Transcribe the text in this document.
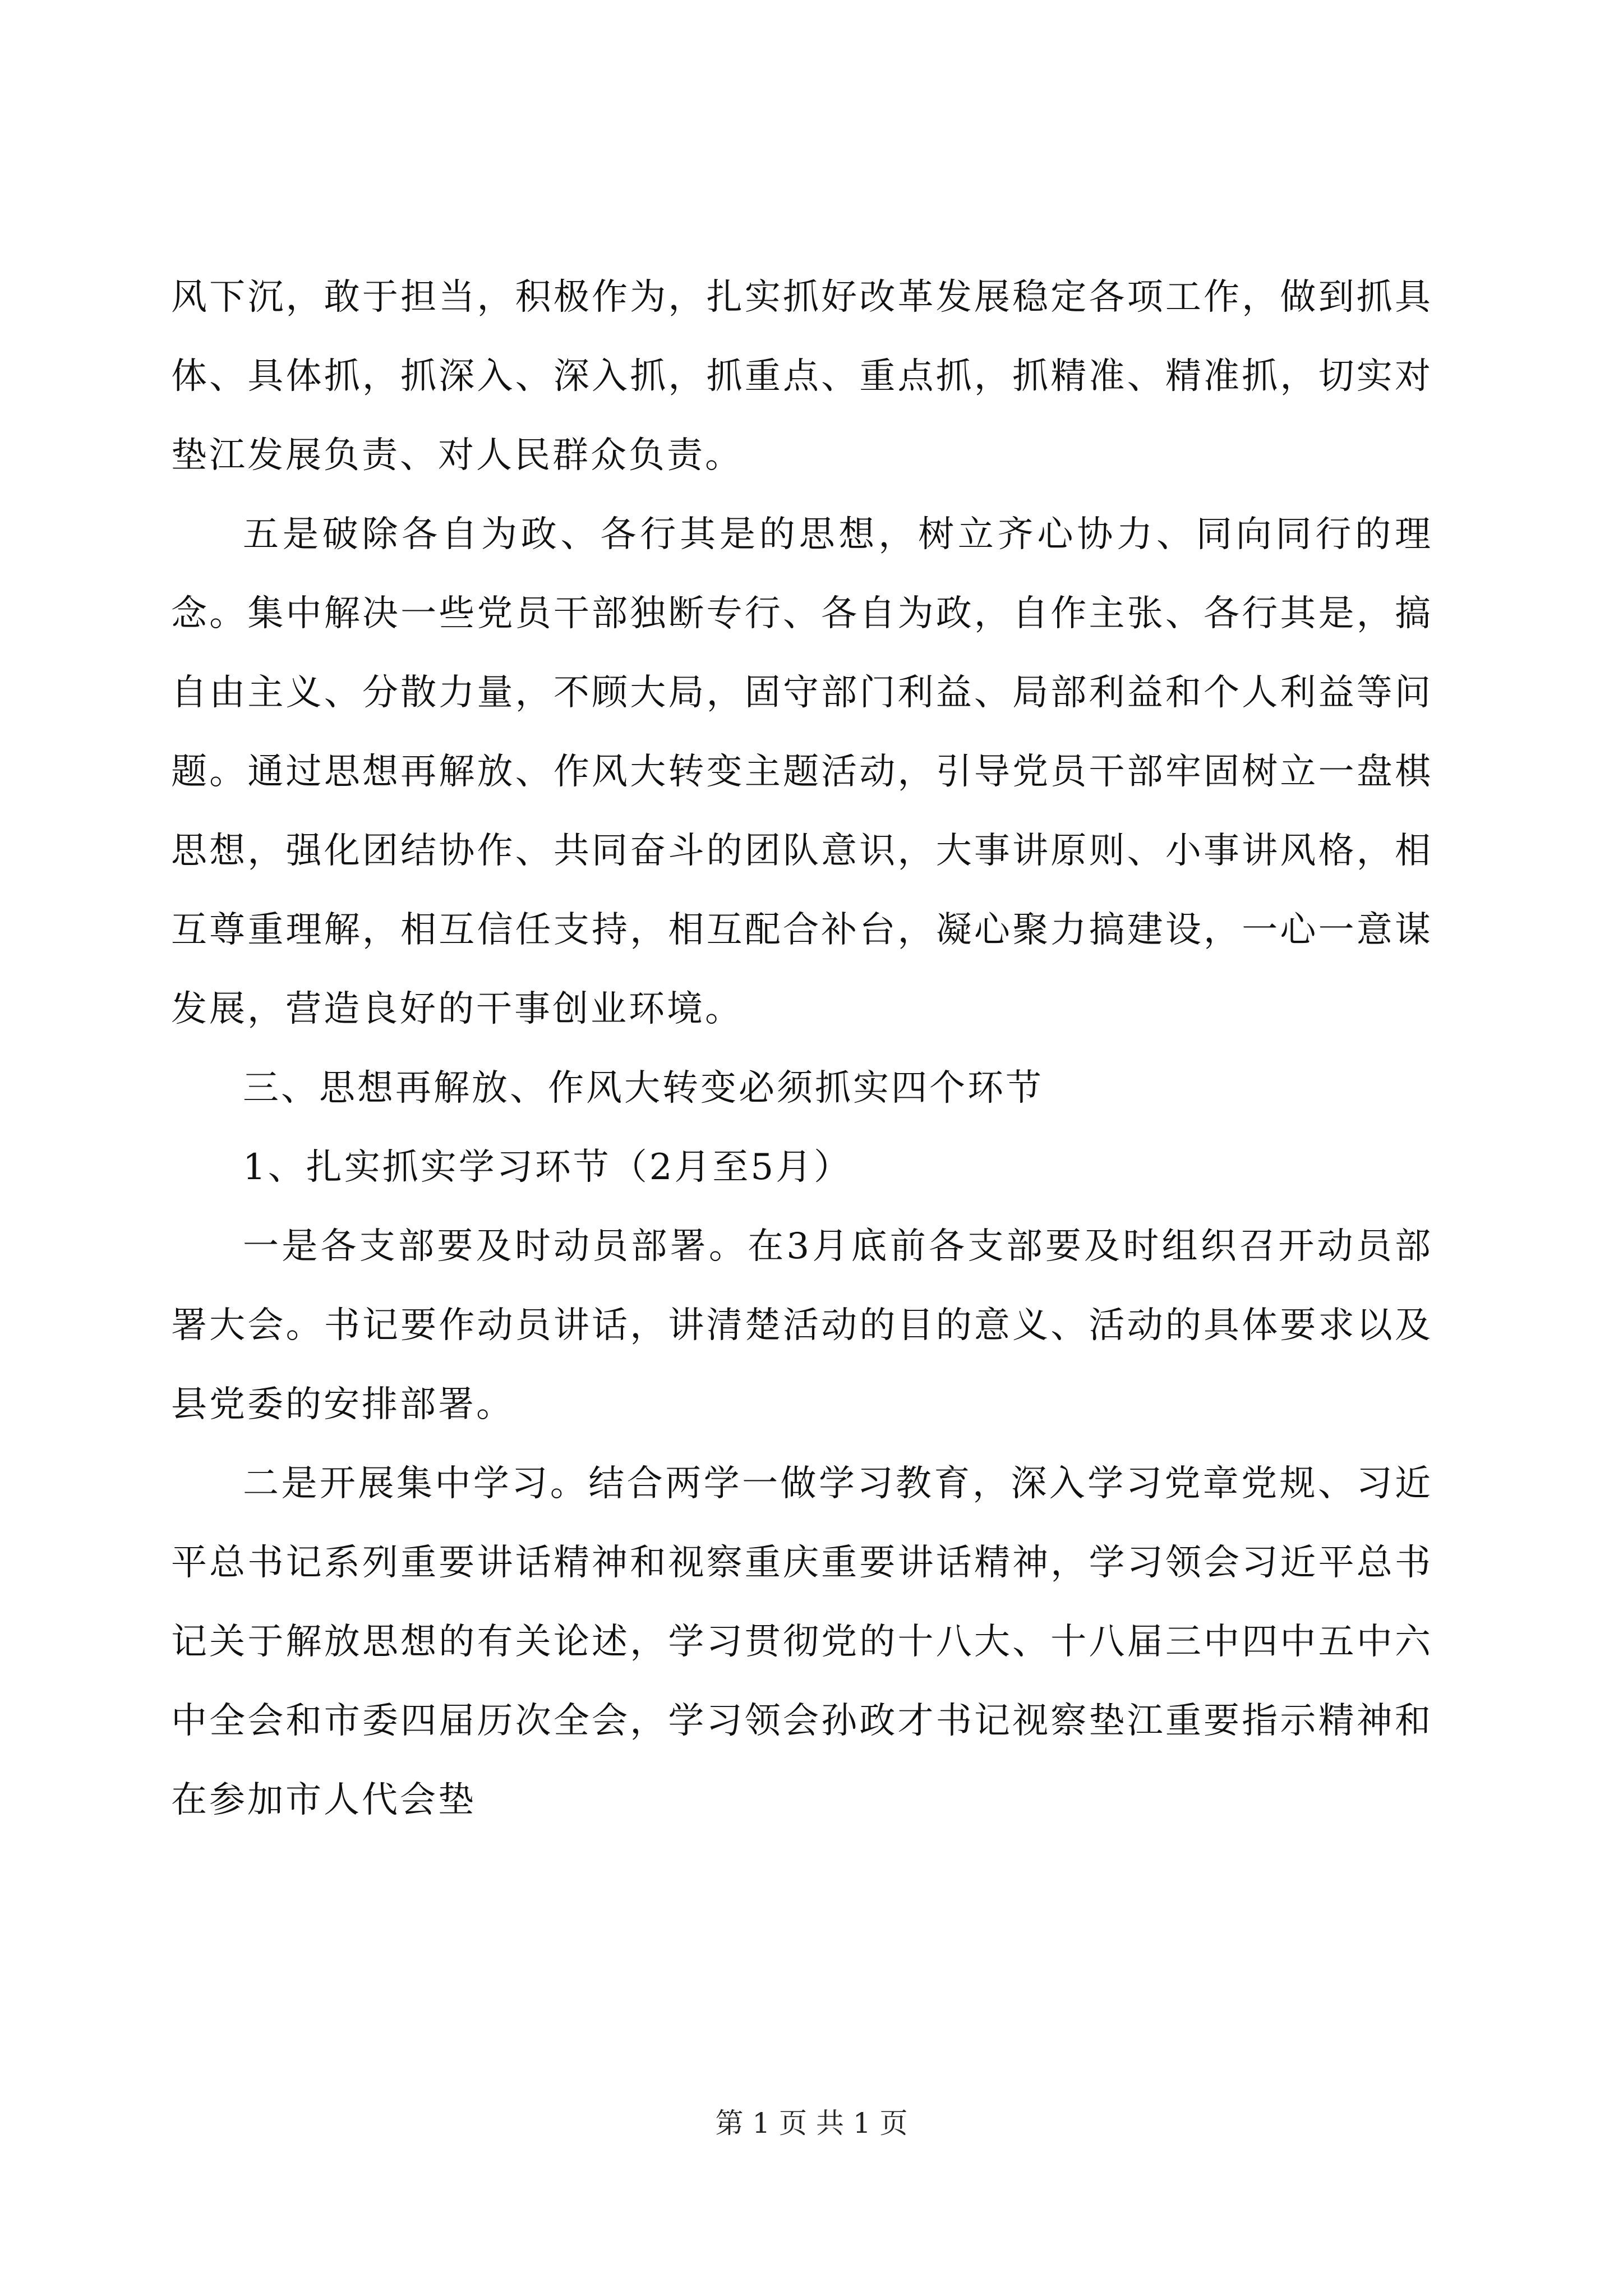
风下沉，敢于担当，积极作为，扎实抓好改革发展稳定各项工作，做到抓具体、具体抓，抓深入、深入抓，抓重点、重点抓，抓精准、精准抓，切实对垫江发展负责、对人民群众负责。

五是破除各自为政、各行其是的思想，树立齐心协力、同向同行的理念。集中解决一些党员干部独断专行、各自为政，自作主张、各行其是，搞自由主义、分散力量，不顾大局，固守部门利益、局部利益和个人利益等问题。通过思想再解放、作风大转变主题活动，引导党员干部牢固树立一盘棋思想，强化团结协作、共同奋斗的团队意识，大事讲原则、小事讲风格，相互尊重理解，相互信任支持，相互配合补台，凝心聚力搞建设，一心一意谋发展，营造良好的干事创业环境。

三、思想再解放、作风大转变必须抓实四个环节

1、扎实抓实学习环节（2月至5月）

一是各支部要及时动员部署。在3月底前各支部要及时组织召开动员部署大会。书记要作动员讲话，讲清楚活动的目的意义、活动的具体要求以及县党委的安排部署。

二是开展集中学习。结合两学一做学习教育，深入学习党章党规、习近平总书记系列重要讲话精神和视察重庆重要讲话精神，学习领会习近平总书记关于解放思想的有关论述，学习贯彻党的十八大、十八届三中四中五中六中全会和市委四届历次全会，学习领会孙政才书记视察垫江重要指示精神和在参加市人代会垫

第 1 页 共 1 页
